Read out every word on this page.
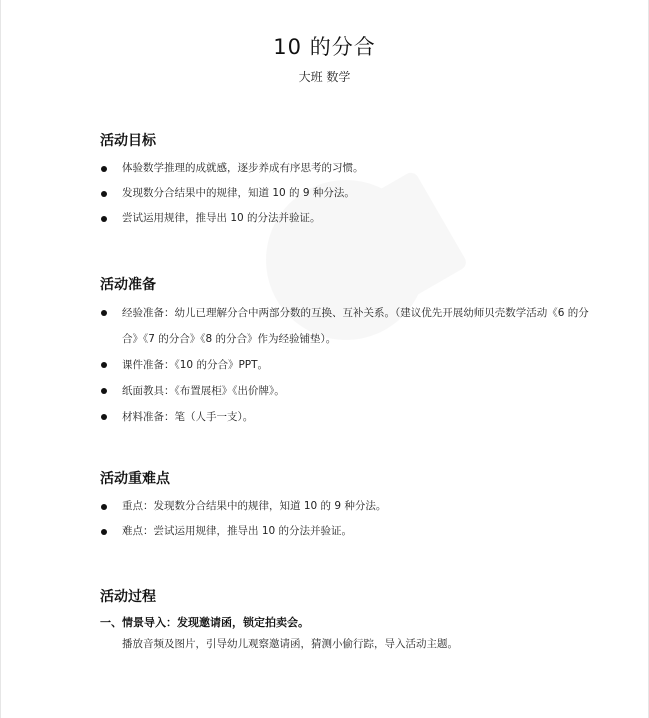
10 的分合
大班 数学
活动目标
体验数学推理的成就感，逐步养成有序思考的习惯。
发现数分合结果中的规律，知道 10 的 9 种分法。
尝试运用规律，推导出 10 的分法并验证。
活动准备
经验准备：幼儿已理解分合中两部分数的互换、互补关系。（建议优先开展幼师贝壳数学活动《6 的分合》《7 的分合》《8 的分合》作为经验铺垫）。
课件准备：《10 的分合》PPT。
纸面教具：《布置展柜》《出价牌》。
材料准备：笔（人手一支）。
活动重难点
重点：发现数分合结果中的规律，知道 10 的 9 种分法。
难点：尝试运用规律，推导出 10 的分法并验证。
活动过程
一、情景导入：发现邀请函，锁定拍卖会。
播放音频及图片，引导幼儿观察邀请函，猜测小偷行踪，导入活动主题。
